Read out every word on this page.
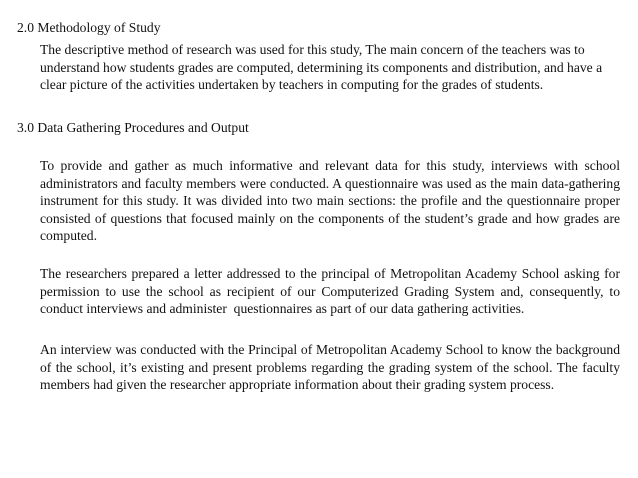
2.0 Methodology of Study

The descriptive method of research was used for this study, The main concern of the teachers was to understand how students grades are computed, determining its components and distribution, and have a clear picture of the activities undertaken by teachers in computing for the grades of students.

3.0 Data Gathering Procedures and Output

To provide and gather as much informative and relevant data for this study, interviews with school administrators and faculty members were conducted. A questionnaire was used as the main data-gathering instrument for this study. It was divided into two main sections: the profile and the questionnaire proper consisted of questions that focused mainly on the components of the student’s grade and how grades are computed.

The researchers prepared a letter addressed to the principal of Metropolitan Academy School asking for permission to use the school as recipient of our Computerized Grading System and, consequently, to conduct interviews and administer  questionnaires as part of our data gathering activities.

An interview was conducted with the Principal of Metropolitan Academy School to know the background of the school, it’s existing and present problems regarding the grading system of the school. The faculty members had given the researcher appropriate information about their grading system process.
